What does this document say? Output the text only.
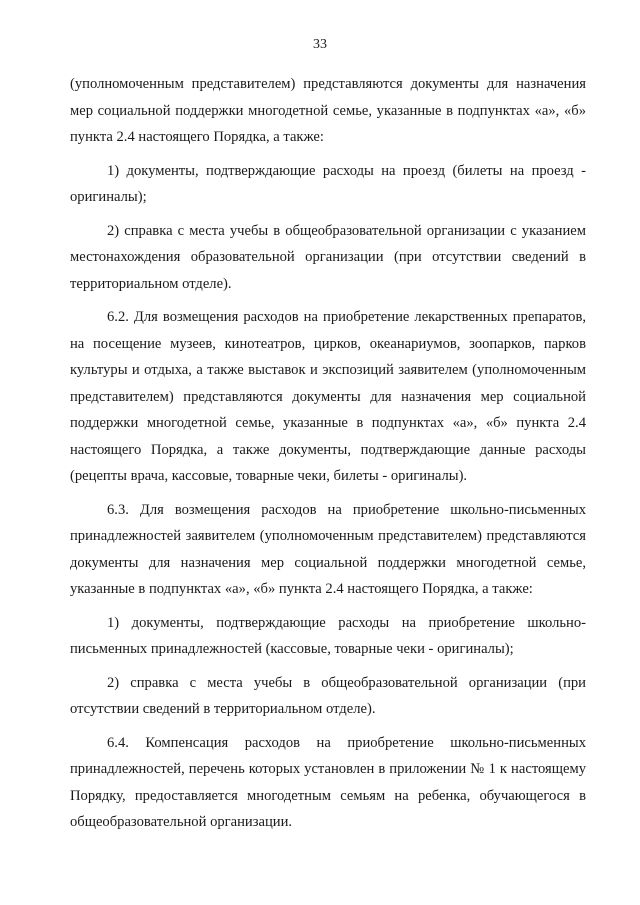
33

(уполномоченным представителем) представляются документы для назначения мер социальной поддержки многодетной семье, указанные в подпунктах «а», «б» пункта 2.4 настоящего Порядка, а также:

1) документы, подтверждающие расходы на проезд (билеты на проезд - оригиналы);

2) справка с места учебы в общеобразовательной организации с указанием местонахождения образовательной организации (при отсутствии сведений в территориальном отделе).

6.2. Для возмещения расходов на приобретение лекарственных препаратов, на посещение музеев, кинотеатров, цирков, океанариумов, зоопарков, парков культуры и отдыха, а также выставок и экспозиций заявителем (уполномоченным представителем) представляются документы для назначения мер социальной поддержки многодетной семье, указанные в подпунктах «а», «б» пункта 2.4 настоящего Порядка, а также документы, подтверждающие данные расходы (рецепты врача, кассовые, товарные чеки, билеты - оригиналы).

6.3. Для возмещения расходов на приобретение школьно-письменных принадлежностей заявителем (уполномоченным представителем) представляются документы для назначения мер социальной поддержки многодетной семье, указанные в подпунктах «а», «б» пункта 2.4 настоящего Порядка, а также:

1) документы, подтверждающие расходы на приобретение школьно-письменных принадлежностей (кассовые, товарные чеки - оригиналы);

2) справка с места учебы в общеобразовательной организации (при отсутствии сведений в территориальном отделе).

6.4. Компенсация расходов на приобретение школьно-письменных принадлежностей, перечень которых установлен в приложении № 1 к настоящему Порядку, предоставляется многодетным семьям на ребенка, обучающегося в общеобразовательной организации.
